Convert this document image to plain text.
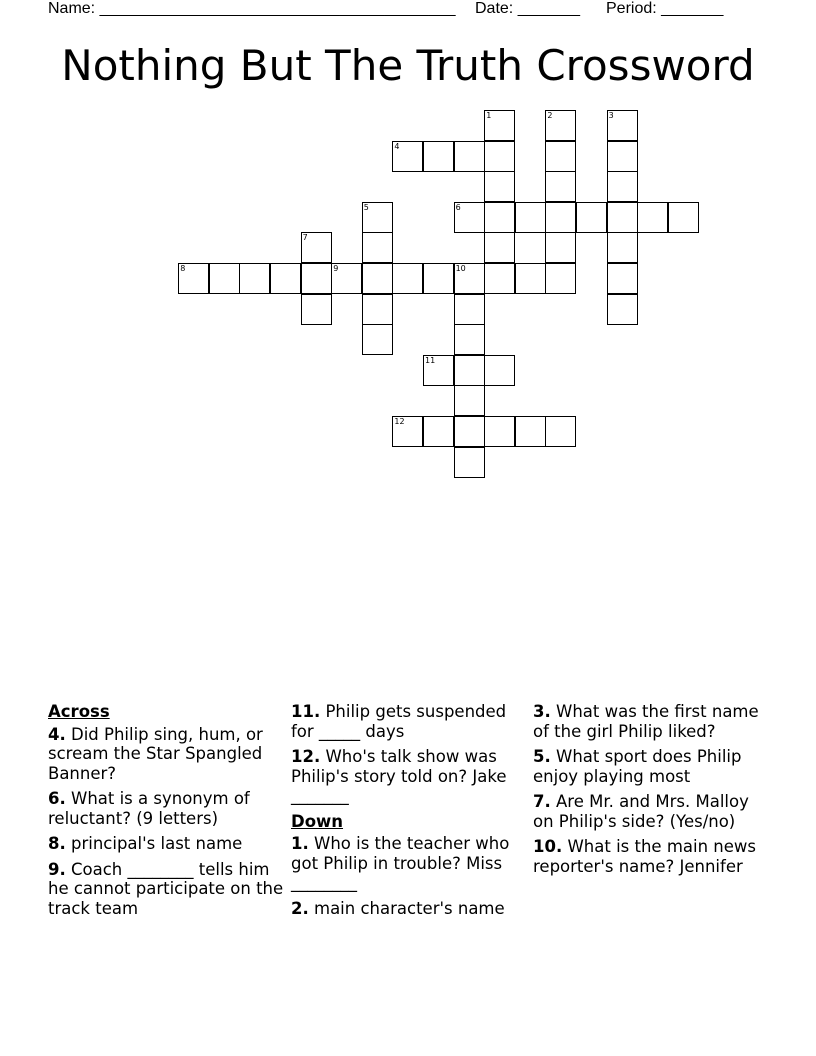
Name: ________________________________________ Date: _______ Period: _______
Nothing But The Truth Crossword
1	2	3
4
5	6
7
8	9	10
11
12
Across
4. Did Philip sing, hum, or scream the Star Spangled Banner?
6. What is a synonym of reluctant? (9 letters)
8. principal's last name
9. Coach ________ tells him he cannot participate on the track team
11. Philip gets suspended for _____ days
12. Who's talk show was Philip's story told on? Jake _______
Down
1. Who is the teacher who got Philip in trouble? Miss ________
2. main character's name
3. What was the first name of the girl Philip liked?
5. What sport does Philip enjoy playing most
7. Are Mr. and Mrs. Malloy on Philip's side? (Yes/no)
10. What is the main news reporter's name? Jennifer
